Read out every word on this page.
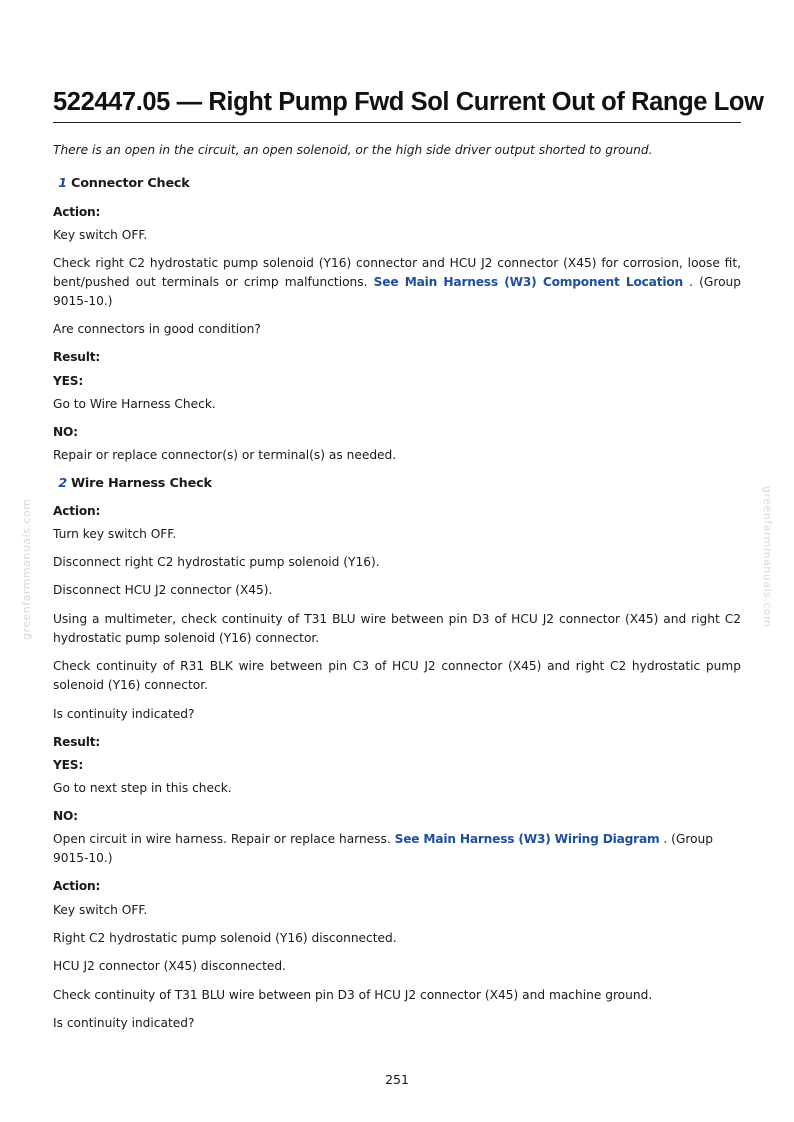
greenfarmmanuals.com	greenfarmmanuals.com
522447.05 — Right Pump Fwd Sol Current Out of Range Low

There is an open in the circuit, an open solenoid, or the high side driver output shorted to ground.

1 Connector Check

Action:

Key switch OFF.

Check right C2 hydrostatic pump solenoid (Y16) connector and HCU J2 connector (X45) for corrosion, loose fit, bent/pushed out terminals or crimp malfunctions. See Main Harness (W3) Component Location . (Group 9015-10.)

Are connectors in good condition?

Result:

YES:

Go to Wire Harness Check.

NO:

Repair or replace connector(s) or terminal(s) as needed.

2 Wire Harness Check

Action:

Turn key switch OFF.

Disconnect right C2 hydrostatic pump solenoid (Y16).

Disconnect HCU J2 connector (X45).

Using a multimeter, check continuity of T31 BLU wire between pin D3 of HCU J2 connector (X45) and right C2 hydrostatic pump solenoid (Y16) connector.

Check continuity of R31 BLK wire between pin C3 of HCU J2 connector (X45) and right C2 hydrostatic pump solenoid (Y16) connector.

Is continuity indicated?

Result:

YES:

Go to next step in this check.

NO:

Open circuit in wire harness. Repair or replace harness. See Main Harness (W3) Wiring Diagram . (Group 9015-10.)

Action:

Key switch OFF.

Right C2 hydrostatic pump solenoid (Y16) disconnected.

HCU J2 connector (X45) disconnected.

Check continuity of T31 BLU wire between pin D3 of HCU J2 connector (X45) and machine ground.

Is continuity indicated?

251
